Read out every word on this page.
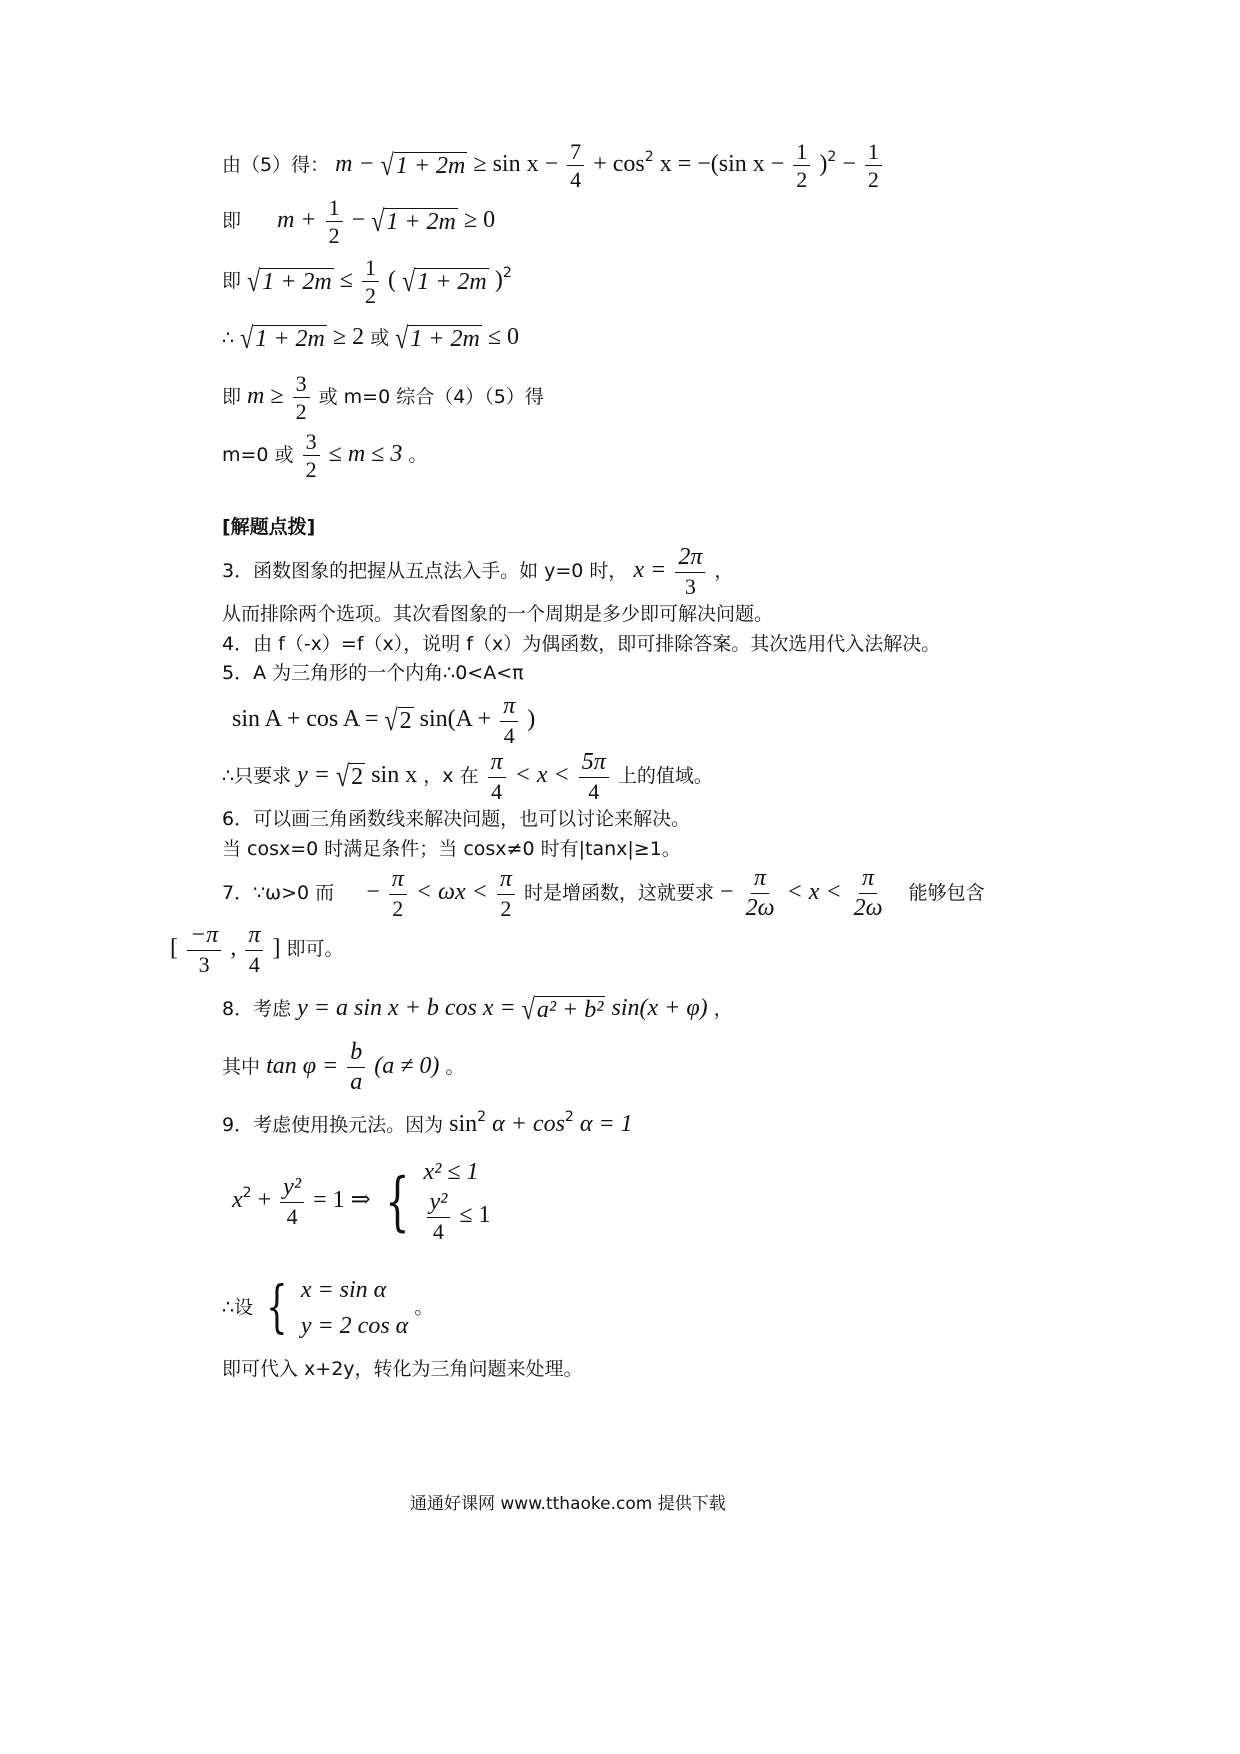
由（5）得： $m - √1 + 2m \ge \sin x - \frac{7}{4} + \cos^2 x = -(\sin$ $x - \frac{1}{2} )^2 - \frac{1}{2}$
即 $m + \frac{1}{2} - √1 + 2m \ge 0$
即 $√1 + 2m \le \frac{1}{2}$ ( √1 + 2m )$^2$
∴ √1 + 2m ≥ 2 或 √1 + 2m ≤ 0
即 $m \ge \frac{3}{2}$ 或 m=0 综合（4）（5）得
m=0 或 $\frac{3}{2} \le m \le 3$ 。
[解题点拨]
3．函数图象的把握从五点法入手。如 y=0 时， $x = \frac{2\pi}{3}$ ，
从而排除两个选项。其次看图象的一个周期是多少即可解决问题。
4．由 f（-x）=f（x），说明 f（x）为偶函数，即可排除答案。其次选用代入法解决。
5．A 为三角形的一个内角∴0<A<π
sin A + cos A = √2 $\sin(A + \frac{\pi}{4}$ )
∴只要求 y = √2 sin x ，x 在 $\frac{\pi}{4} < x < \frac{5\pi}{4}$ 上的值域。
6．可以画三角函数线来解决问题，也可以讨论来解决。
当 cosx=0 时满足条件；当 cosx≠0 时有|tanx|≥1。
7．∵ω>0 而 − $\frac{\pi}{2} < \omega x < \frac{\pi}{2}$ 时是增函数，这就要求 − $\frac{\pi}{2\omega} < x < \frac{\pi}{2\omega}$ 能够包含
[ $\frac{-\pi}{3}$ , $\frac{\pi}{4}$ ] 即可。
8．考虑 y = a sin x + b cos x = √a² + b² sin(x + φ) ，
其中 $\tan \varphi = \frac{b}{a} (a \ne 0)$ 。
9．考虑使用换元法。因为 $\sin^2 \alpha + \cos^2 \alpha = 1$
$x^2 + \frac{\text{y²}}{4} = 1$ ⇒ { x² ≤ 1
$\frac{\text{y²}}{4} \le 1$
∴设 { x = sin α
y = 2 cos α
。
即可代入 x+2y，转化为三角问题来处理。
通通好课网 www.tthaoke.com 提供下载
